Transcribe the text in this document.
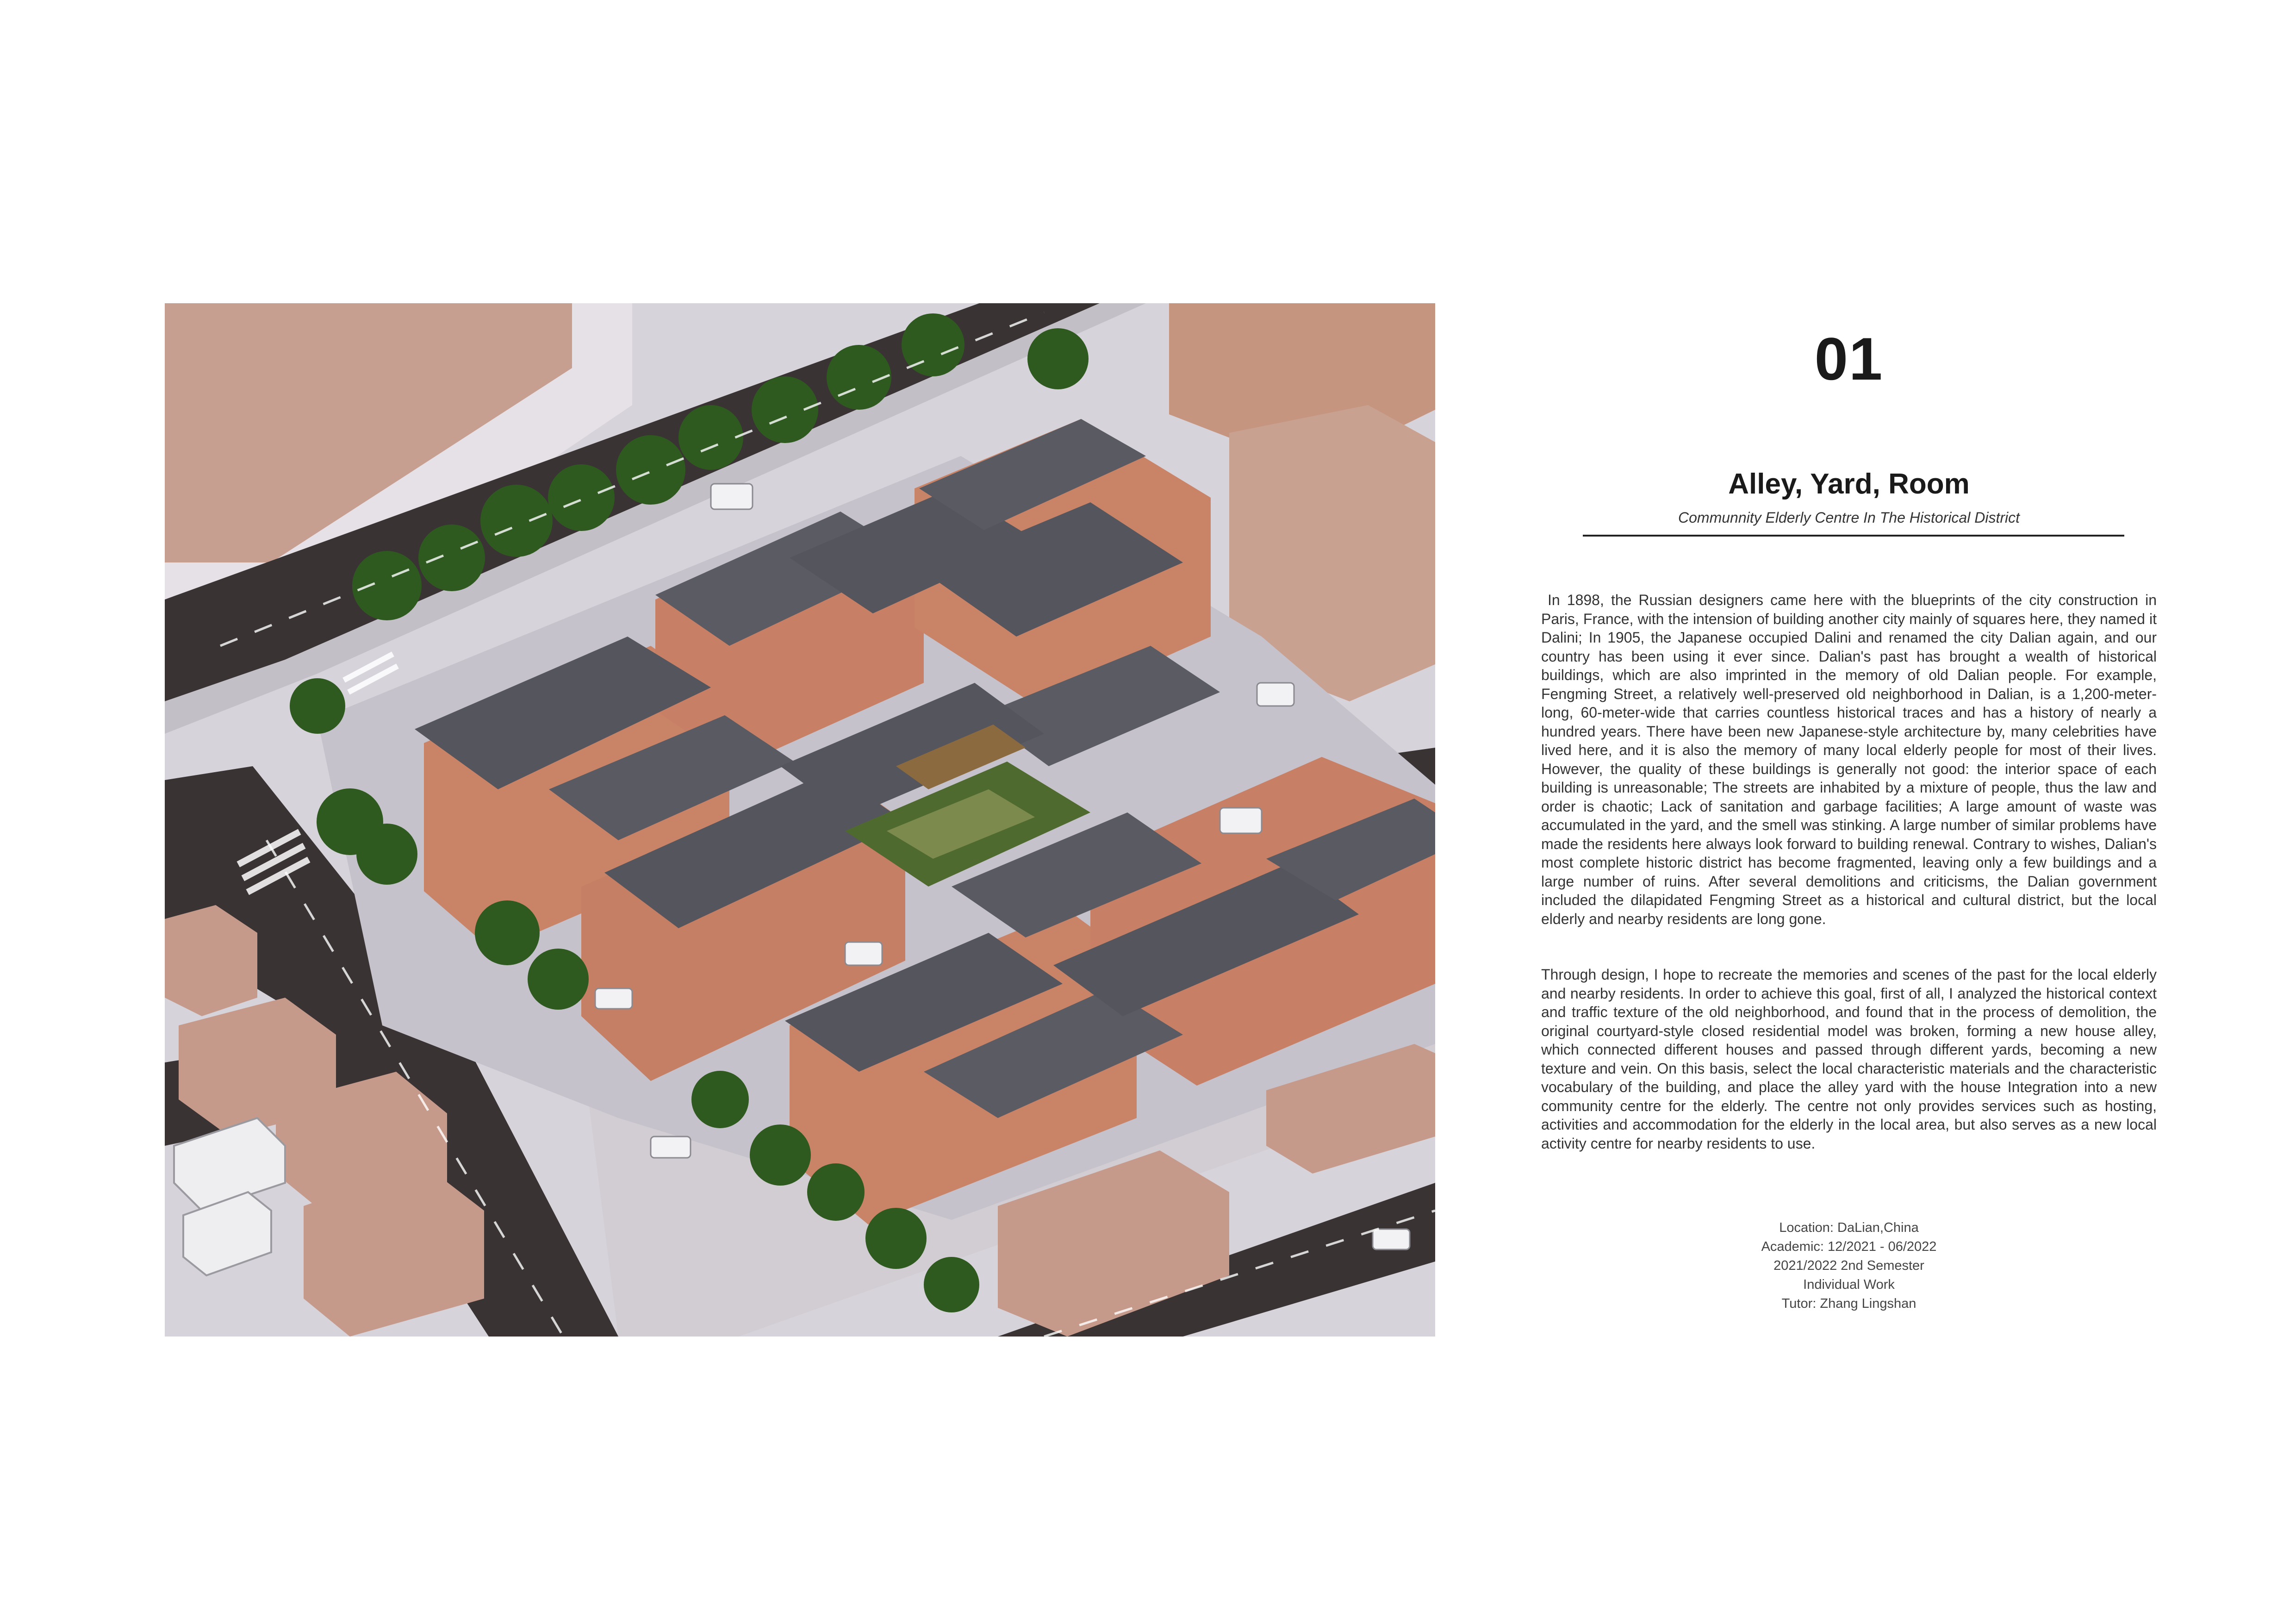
01
Alley, Yard, Room
Communnity Elderly Centre In The Historical District

In 1898, the Russian designers came here with the blueprints of the city construction in Paris, France, with the intension of building another city mainly of squares here, they named it Dalini; In 1905, the Japanese occupied Dalini and renamed the city Dalian again, and our country has been using it ever since. Dalian's past has brought a wealth of historical buildings, which are also imprinted in the memory of old Dalian people. For example, Fengming Street, a relatively well-preserved old neighborhood in Dalian, is a 1,200-meter-long, 60-meter-wide that carries countless historical traces and has a history of nearly a hundred years. There have been new Japanese-style architecture by, many celebrities have lived here, and it is also the memory of many local elderly people for most of their lives. However, the quality of these buildings is generally not good: the interior space of each building is unreasonable; The streets are inhabited by a mixture of people, thus the law and order is chaotic; Lack of sanitation and garbage facilities; A large amount of waste was accumulated in the yard, and the smell was stinking. A large number of similar problems have made the residents here always look forward to building renewal. Contrary to wishes, Dalian's most complete historic district has become fragmented, leaving only a few buildings and a large number of ruins. After several demolitions and criticisms, the Dalian government included the dilapidated Fengming Street as a historical and cultural district, but the local elderly and nearby residents are long gone.

Through design, I hope to recreate the memories and scenes of the past for the local elderly and nearby residents. In order to achieve this goal, first of all, I analyzed the historical context and traffic texture of the old neighborhood, and found that in the process of demolition, the original courtyard-style closed residential model was broken, forming a new house alley, which connected different houses and passed through different yards, becoming a new texture and vein. On this basis, select the local characteristic materials and the characteristic vocabulary of the building, and place the alley yard with the house Integration into a new community centre for the elderly. The centre not only provides services such as hosting, activities and accommodation for the elderly in the local area, but also serves as a new local activity centre for nearby residents to use.

Location: DaLian,China
Academic: 12/2021 - 06/2022
2021/2022 2nd Semester
Individual Work
Tutor: Zhang Lingshan
